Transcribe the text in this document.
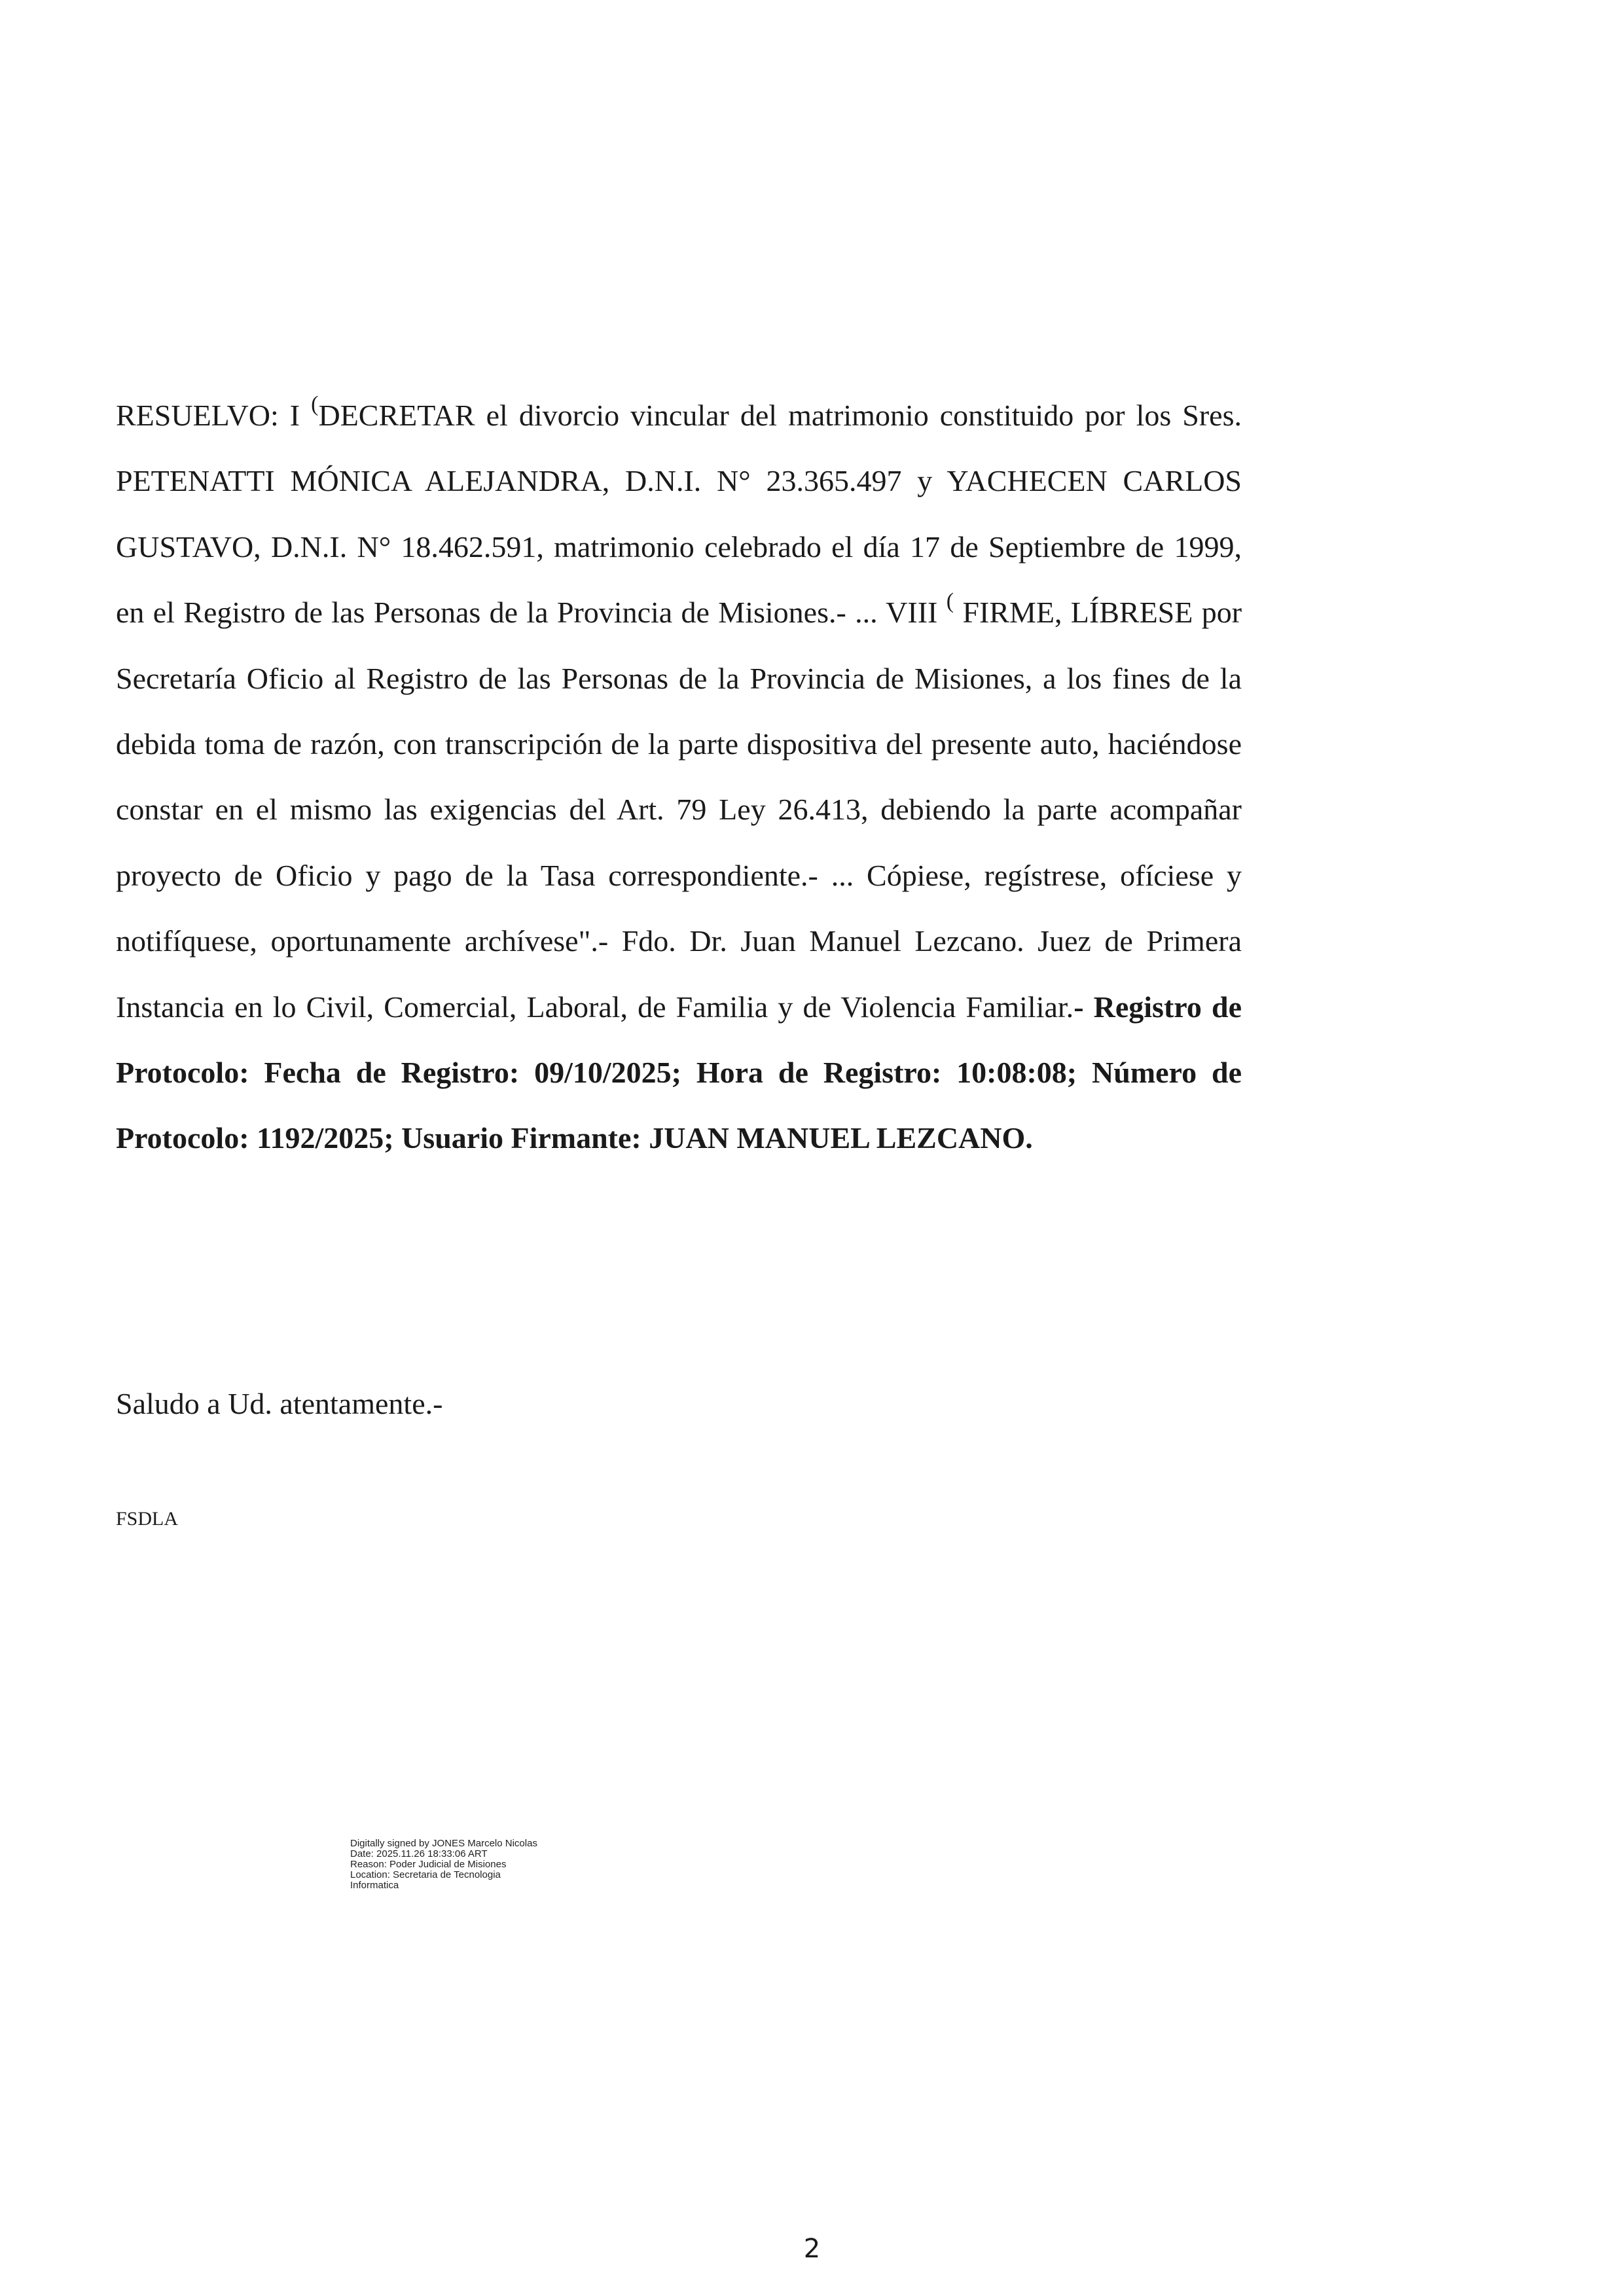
RESUELVO: I (DECRETAR el divorcio vincular del matrimonio constituido por los Sres. PETENATTI MÓNICA ALEJANDRA, D.N.I. N° 23.365.497 y YACHECEN CARLOS GUSTAVO, D.N.I. N° 18.462.591, matrimonio celebrado el día 17 de Septiembre de 1999, en el Registro de las Personas de la Provincia de Misiones.- ... VIII ( FIRME, LÍBRESE por Secretaría Oficio al Registro de las Personas de la Provincia de Misiones, a los fines de la debida toma de razón, con transcripción de la parte dispositiva del presente auto, haciéndose constar en el mismo las exigencias del Art. 79 Ley 26.413, debiendo la parte acompañar proyecto de Oficio y pago de la Tasa correspondiente.- ... Cópiese, regístrese, ofíciese y notifíquese, oportunamente archívese".- Fdo. Dr. Juan Manuel Lezcano. Juez de Primera Instancia en lo Civil, Comercial, Laboral, de Familia y de Violencia Familiar.- Registro de Protocolo: Fecha de Registro: 09/10/2025; Hora de Registro: 10:08:08; Número de Protocolo: 1192/2025; Usuario Firmante: JUAN MANUEL LEZCANO.

Saludo a Ud. atentamente.-

FSDLA

Digitally signed by JONES Marcelo Nicolas
Date: 2025.11.26 18:33:06 ART
Reason: Poder Judicial de Misiones
Location: Secretaria de Tecnologia
Informatica
2
